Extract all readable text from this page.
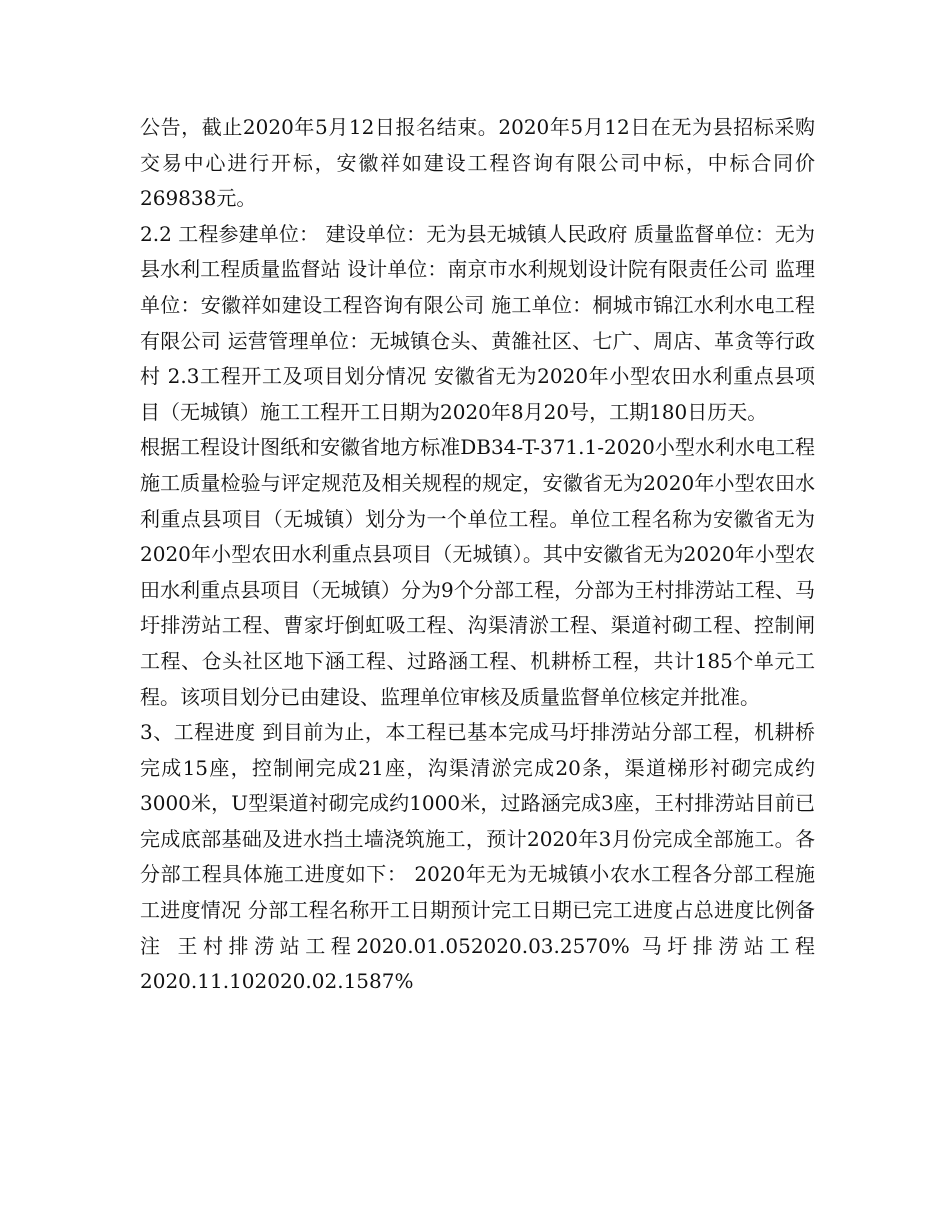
公告，截止2020年5月12日报名结束。2020年5月12日在无为县招标采购交易中心进行开标，安徽祥如建设工程咨询有限公司中标，中标合同价269838元。

2.2 工程参建单位： 建设单位：无为县无城镇人民政府 质量监督单位：无为县水利工程质量监督站 设计单位：南京市水利规划设计院有限责任公司 监理单位：安徽祥如建设工程咨询有限公司 施工单位：桐城市锦江水利水电工程有限公司 运营管理单位：无城镇仓头、黄雒社区、七广、周店、革贪等行政村 2.3工程开工及项目划分情况 安徽省无为2020年小型农田水利重点县项目（无城镇）施工工程开工日期为2020年8月20号，工期180日历天。

根据工程设计图纸和安徽省地方标准DB34-T-371.1-2020小型水利水电工程施工质量检验与评定规范及相关规程的规定，安徽省无为2020年小型农田水利重点县项目（无城镇）划分为一个单位工程。单位工程名称为安徽省无为2020年小型农田水利重点县项目（无城镇）。其中安徽省无为2020年小型农田水利重点县项目（无城镇）分为9个分部工程，分部为王村排涝站工程、马圩排涝站工程、曹家圩倒虹吸工程、沟渠清淤工程、渠道衬砌工程、控制闸工程、仓头社区地下涵工程、过路涵工程、机耕桥工程，共计185个单元工程。该项目划分已由建设、监理单位审核及质量监督单位核定并批准。

3、工程进度 到目前为止，本工程已基本完成马圩排涝站分部工程，机耕桥完成15座，控制闸完成21座，沟渠清淤完成20条，渠道梯形衬砌完成约3000米，U型渠道衬砌完成约1000米，过路涵完成3座，王村排涝站目前已完成底部基础及进水挡土墙浇筑施工，预计2020年3月份完成全部施工。各分部工程具体施工进度如下： 2020年无为无城镇小农水工程各分部工程施工进度情况 分部工程名称开工日期预计完工日期已完工进度占总进度比例备注 王村排涝站工程2020.01.052020.03.2570% 马圩排涝站工程2020.11.102020.02.1587%
